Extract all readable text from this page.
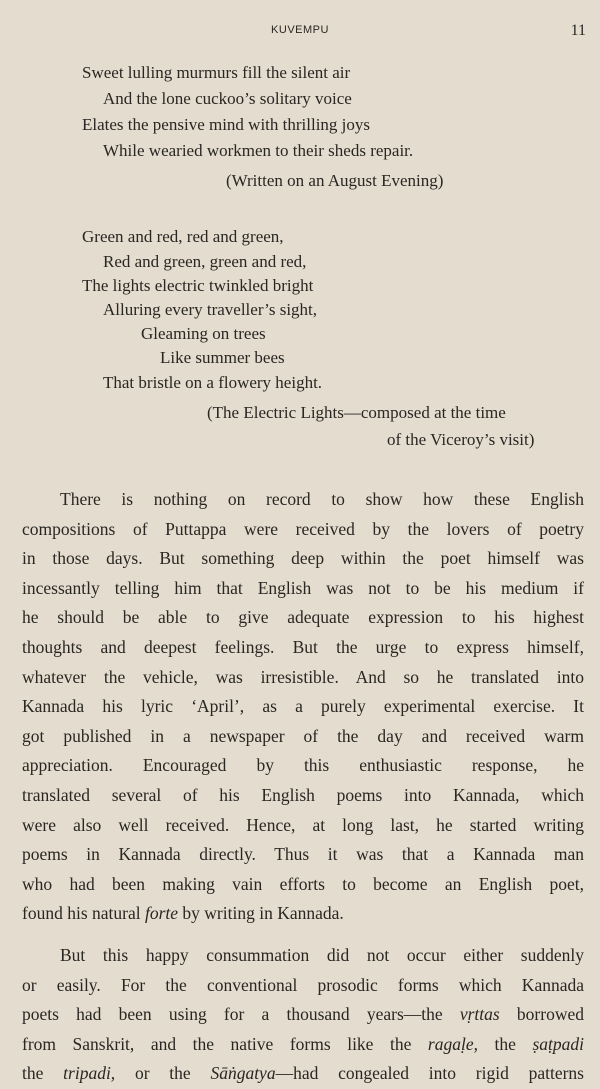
KUVEMPU	11
Sweet lulling murmurs fill the silent air
And the lone cuckoo’s solitary voice
Elates the pensive mind with thrilling joys
While wearied workmen to their sheds repair.
(Written on an August Evening)
Green and red, red and green,
Red and green, green and red,
The lights electric twinkled bright
Alluring every traveller’s sight,
Gleaming on trees
Like summer bees
That bristle on a flowery height.
(The Electric Lights—composed at the time
of the Viceroy’s visit)

There is nothing on record to show how these English
compositions of Puttappa were received by the lovers of poetry
in those days. But something deep within the poet himself was
incessantly telling him that English was not to be his medium if
he should be able to give adequate expression to his highest
thoughts and deepest feelings. But the urge to express himself,
whatever the vehicle, was irresistible. And so he translated into
Kannada his lyric ‘April’, as a purely experimental exercise. It
got published in a newspaper of the day and received warm
appreciation. Encouraged by this enthusiastic response, he
translated several of his English poems into Kannada, which
were also well received. Hence, at long last, he started writing
poems in Kannada directly. Thus it was that a Kannada man
who had been making vain efforts to become an English poet,
found his natural forte by writing in Kannada.

But this happy consummation did not occur either suddenly
or easily. For the conventional prosodic forms which Kannada
poets had been using for a thousand years—the vṛttas borrowed
from Sanskrit, and the native forms like the ragaḷe, the ṣaṭpadi
the tripadi, or the Sāṅgatya—had congealed into rigid patterns
